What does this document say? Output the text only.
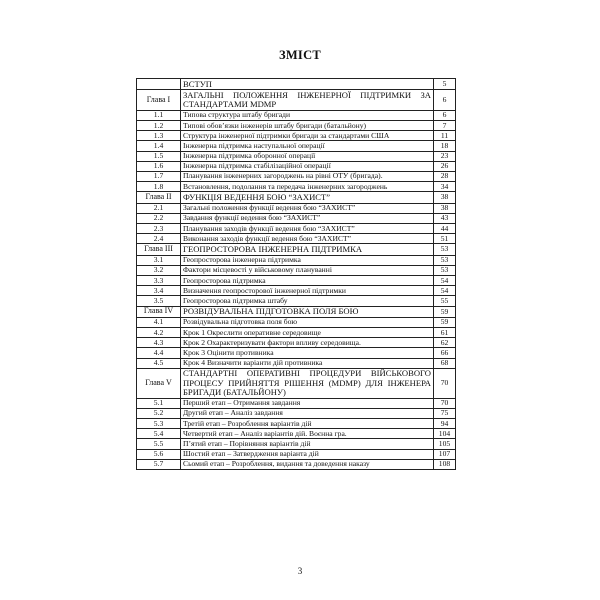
ЗМІСТ
	ВСТУП	5
Глава I	ЗАГАЛЬНІ ПОЛОЖЕННЯ ІНЖЕНЕРНОЇ ПІДТРИМКИ ЗА СТАНДАРТАМИ MDMP	6
1.1	Типова структура штабу бригади	6
1.2	Типові обов’язки інженерів штабу бригади (батальйону)	7
1.3	Структура інженерної підтримки бригади за стандартами США	11
1.4	Інженерна підтримка наступальної операції	18
1.5	Інженерна підтримка оборонної операції	23
1.6	Інженерна підтримка стабілізаційної операції	26
1.7	Планування інженерних загороджень на рівні ОТУ (бригада).	28
1.8	Встановлення, подолання та передача інженерних загороджень	34
Глава II	ФУНКЦІЯ ВЕДЕННЯ БОЮ “ЗАХИСТ”	38
2.1	Загальні положення функції ведення бою “ЗАХИСТ”	38
2.2	Завдання функції ведення бою “ЗАХИСТ”	43
2.3	Планування заходів функції ведення бою “ЗАХИСТ”	44
2.4	Виконання заходів функції ведення бою “ЗАХИСТ”	51
Глава III	ГЕОПРОСТОРОВА ІНЖЕНЕРНА ПІДТРИМКА	53
3.1	Геопросторова інженерна підтримка	53
3.2	Фактори місцевості у військовому плануванні	53
3.3	Геопросторова підтримка	54
3.4	Визначення геопросторової інженерної підтримки	54
3.5	Геопросторова підтримка штабу	55
Глава IV	РОЗВІДУВАЛЬНА ПІДГОТОВКА ПОЛЯ БОЮ	59
4.1	Розвідувальна підготовка поля бою	59
4.2	Крок 1 Окреслити оперативне середовище	61
4.3	Крок 2 Охарактеризувати фактори впливу середовища.	62
4.4	Крок 3 Оцінити противника	66
4.5	Крок 4 Визначити варіанти дій противника	68
Глава V	СТАНДАРТНІ ОПЕРАТИВНІ ПРОЦЕДУРИ ВІЙСЬКОВОГО ПРОЦЕСУ ПРИЙНЯТТЯ РІШЕННЯ (MDMP) ДЛЯ ІНЖЕНЕРА БРИГАДИ (БАТАЛЬЙОНУ)	70
5.1	Перший етап – Отримання завдання	70
5.2	Другий етап – Аналіз завдання	75
5.3	Третій етап – Розроблення варіантів дій	94
5.4	Четвертий етап – Аналіз варіантів дій. Воєнна гра.	104
5.5	П’ятий етап – Порівняння варіантів дій	105
5.6	Шостий етап – Затвердження варіанта дій	107
5.7	Сьомий етап – Розроблення, видання та доведення наказу	108
3
